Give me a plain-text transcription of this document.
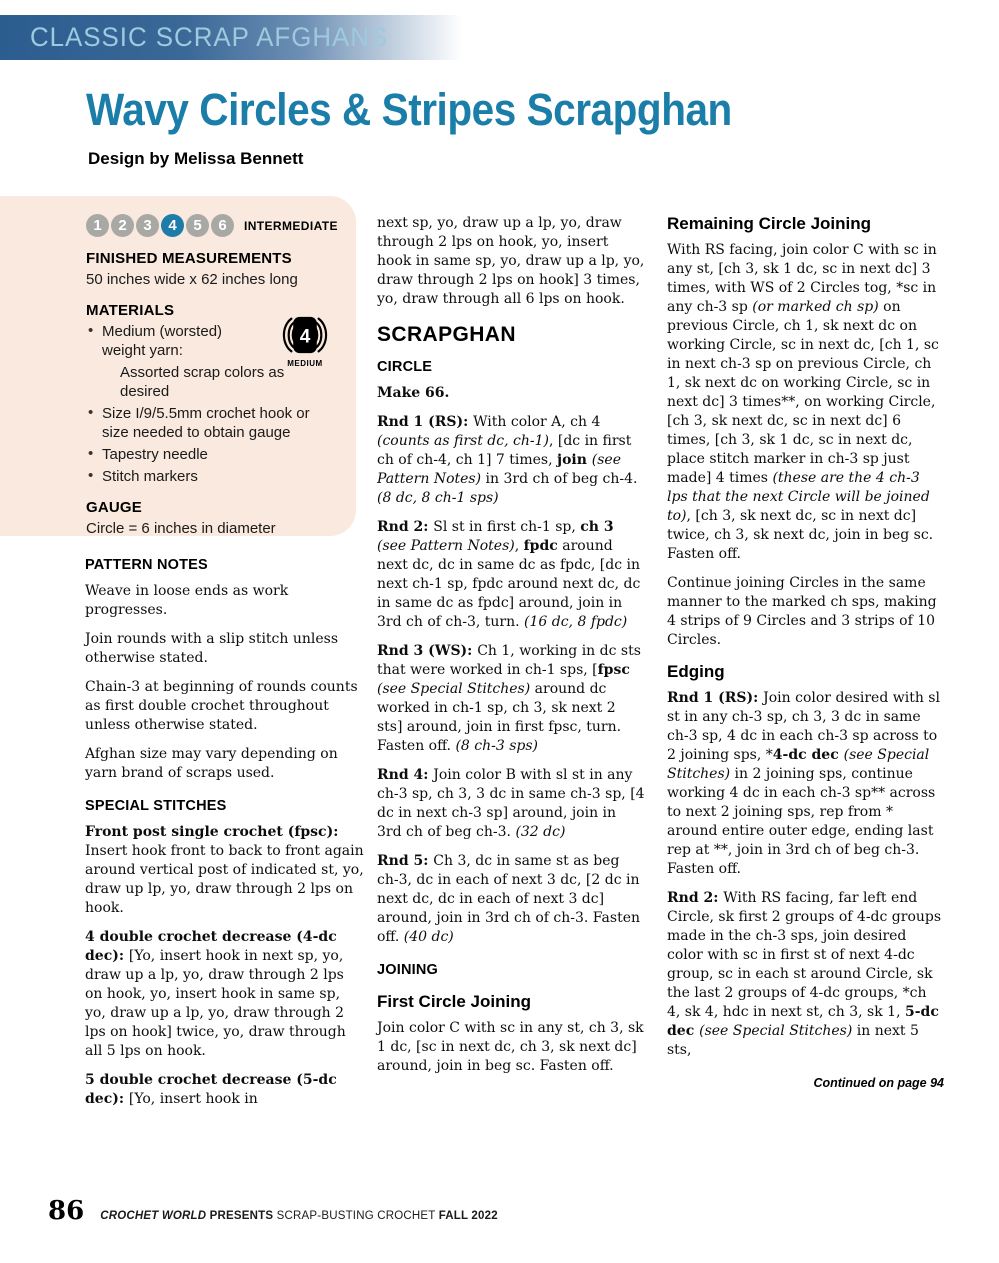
CLASSIC SCRAP AFGHANS
Wavy Circles & Stripes Scrapghan
Design by Melissa Bennett
1	2	3	4	5	6	INTERMEDIATE
FINISHED MEASUREMENTS
50 inches wide x 62 inches long
MATERIALS
• Medium (worsted) weight yarn:
Assorted scrap colors as desired
• Size I/9/5.5mm crochet hook or size needed to obtain gauge
• Tapestry needle
• Stitch markers
4
MEDIUM
GAUGE
Circle = 6 inches in diameter
PATTERN NOTES

Weave in loose ends as work progresses.

Join rounds with a slip stitch unless otherwise stated.

Chain-3 at beginning of rounds counts as first double crochet throughout unless otherwise stated.

Afghan size may vary depending on yarn brand of scraps used.

SPECIAL STITCHES

Front post single crochet (fpsc): Insert hook front to back to front again around vertical post of indicated st, yo, draw up lp, yo, draw through 2 lps on hook.

4 double crochet decrease (4-dc dec): [Yo, insert hook in next sp, yo, draw up a lp, yo, draw through 2 lps on hook, yo, insert hook in same sp, yo, draw up a lp, yo, draw through 2 lps on hook] twice, yo, draw through all 5 lps on hook.

5 double crochet decrease (5-dc dec): [Yo, insert hook in

next sp, yo, draw up a lp, yo, draw through 2 lps on hook, yo, insert hook in same sp, yo, draw up a lp, yo, draw through 2 lps on hook] 3 times, yo, draw through all 6 lps on hook.

SCRAPGHAN
CIRCLE

Make 66.

Rnd 1 (RS): With color A, ch 4 (counts as first dc, ch-1), [dc in first ch of ch-4, ch 1] 7 times, join (see Pattern Notes) in 3rd ch of beg ch-4. (8 dc, 8 ch-1 sps)

Rnd 2: Sl st in first ch-1 sp, ch 3 (see Pattern Notes), fpdc around next dc, dc in same dc as fpdc, [dc in next ch-1 sp, fpdc around next dc, dc in same dc as fpdc] around, join in 3rd ch of ch-3, turn. (16 dc, 8 fpdc)

Rnd 3 (WS): Ch 1, working in dc sts that were worked in ch-1 sps, [fpsc (see Special Stitches) around dc worked in ch-1 sp, ch 3, sk next 2 sts] around, join in first fpsc, turn. Fasten off. (8 ch-3 sps)

Rnd 4: Join color B with sl st in any ch-3 sp, ch 3, 3 dc in same ch-3 sp, [4 dc in next ch-3 sp] around, join in 3rd ch of beg ch-3. (32 dc)

Rnd 5: Ch 3, dc in same st as beg ch-3, dc in each of next 3 dc, [2 dc in next dc, dc in each of next 3 dc] around, join in 3rd ch of ch-3. Fasten off. (40 dc)

JOINING
First Circle Joining

Join color C with sc in any st, ch 3, sk 1 dc, [sc in next dc, ch 3, sk next dc] around, join in beg sc. Fasten off.

Remaining Circle Joining

With RS facing, join color C with sc in any st, [ch 3, sk 1 dc, sc in next dc] 3 times, with WS of 2 Circles tog, *sc in any ch-3 sp (or marked ch sp) on previous Circle, ch 1, sk next dc on working Circle, sc in next dc, [ch 1, sc in next ch-3 sp on previous Circle, ch 1, sk next dc on working Circle, sc in next dc] 3 times**, on working Circle, [ch 3, sk next dc, sc in next dc] 6 times, [ch 3, sk 1 dc, sc in next dc, place stitch marker in ch-3 sp just made] 4 times (these are the 4 ch-3 lps that the next Circle will be joined to), [ch 3, sk next dc, sc in next dc] twice, ch 3, sk next dc, join in beg sc. Fasten off.

Continue joining Circles in the same manner to the marked ch sps, making 4 strips of 9 Circles and 3 strips of 10 Circles.

Edging

Rnd 1 (RS): Join color desired with sl st in any ch-3 sp, ch 3, 3 dc in same ch-3 sp, 4 dc in each ch-3 sp across to 2 joining sps, *4-dc dec (see Special Stitches) in 2 joining sps, continue working 4 dc in each ch-3 sp** across to next 2 joining sps, rep from * around entire outer edge, ending last rep at **, join in 3rd ch of beg ch-3. Fasten off.

Rnd 2: With RS facing, far left end Circle, sk first 2 groups of 4-dc groups made in the ch-3 sps, join desired color with sc in first st of next 4-dc group, sc in each st around Circle, sk the last 2 groups of 4-dc groups, *ch 4, sk 4, hdc in next st, ch 3, sk 1, 5-dc dec (see Special Stitches) in next 5 sts,

Continued on page 94
86 CROCHET WORLD PRESENTS SCRAP-BUSTING CROCHET FALL 2022
